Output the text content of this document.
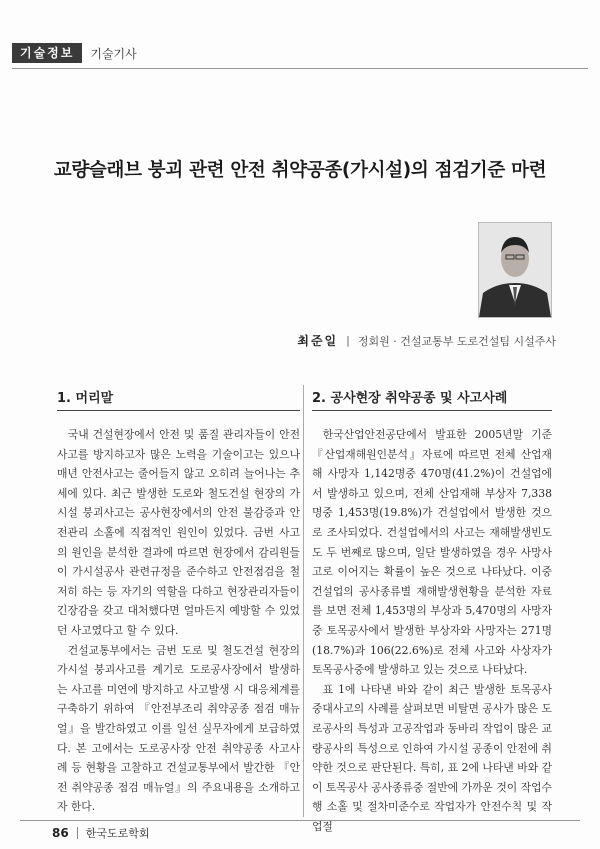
기술정보	기술기사
교량슬래브 붕괴 관련 안전 취약공종(가시설)의 점검기준 마련
최준일 | 정회원 · 건설교통부 도로건설팀 시설주사
1. 머리말	2. 공사현장 취약공종 및 사고사례

국내 건설현장에서 안전 및 품질 관리자들이 안전사고를 방지하고자 많은 노력을 기술이고는 있으나 매년 안전사고는 줄어들지 않고 오히려 늘어나는 추세에 있다. 최근 발생한 도로와 철도건설 현장의 가시설 붕괴사고는 공사현장에서의 안전 불감증과 안전관리 소홀에 직접적인 원인이 있었다. 금번 사고의 원인을 분석한 결과에 따르면 현장에서 감리원들이 가시설공사 관련규정을 준수하고 안전점검을 철저히 하는 등 자기의 역할을 다하고 현장관리자들이 긴장감을 갖고 대처했다면 얼마든지 예방할 수 있었던 사고였다고 할 수 있다.

건설교통부에서는 금번 도로 및 철도건설 현장의 가시설 붕괴사고를 계기로 도로공사장에서 발생하는 사고를 미연에 방지하고 사고발생 시 대응체계를 구축하기 위하여 『안전부조리 취약공종 점검 매뉴얼』을 발간하였고 이를 일선 실무자에게 보급하였다. 본 고에서는 도로공사장 안전 취약공종 사고사례 등 현황을 고찰하고 건설교통부에서 발간한 『안전 취약공종 점검 매뉴얼』의 주요내용을 소개하고자 한다.

한국산업안전공단에서 발표한 2005년말 기준 『산업재해원인분석』자료에 따르면 전체 산업재해 사망자 1,142명중 470명(41.2%)이 건설업에서 발생하고 있으며, 전체 산업재해 부상자 7,338명중 1,453명(19.8%)가 건설업에서 발생한 것으로 조사되었다. 건설업에서의 사고는 재해발생빈도도 두 번째로 많으며, 일단 발생하였을 경우 사망사고로 이어지는 확률이 높은 것으로 나타났다. 이중 건설업의 공사종류별 재해발생현황을 분석한 자료를 보면 전체 1,453명의 부상과 5,470명의 사망자중 토목공사에서 발생한 부상자와 사망자는 271명(18.7%)과 106(22.6%)로 전체 사고와 사상자가 토목공사중에 발생하고 있는 것으로 나타났다.

표 1에 나타낸 바와 같이 최근 발생한 토목공사 중대사고의 사례를 살펴보면 비탈면 공사가 많은 도로공사의 특성과 고공작업과 동바리 작업이 많은 교량공사의 특성으로 인하여 가시설 공종이 안전에 취약한 것으로 판단된다. 특히, 표 2에 나타낸 바와 같이 토목공사 공사종류중 절반에 가까운 것이 작업수행 소홀 및 절차미준수로 작업자가 안전수칙 및 작업절

86 한국도로학회
